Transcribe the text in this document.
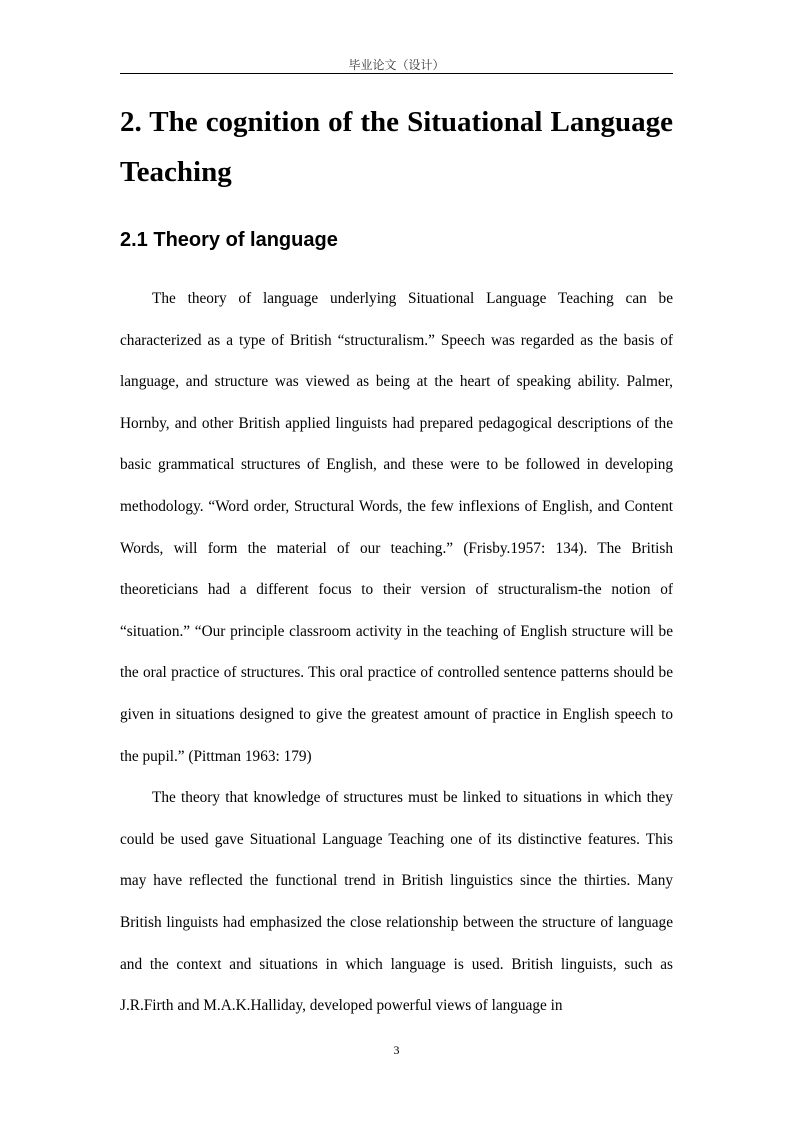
毕业论文（设计）
2. The cognition of the Situational Language Teaching
2.1 Theory of language

The theory of language underlying Situational Language Teaching can be characterized as a type of British “structuralism.” Speech was regarded as the basis of language, and structure was viewed as being at the heart of speaking ability. Palmer, Hornby, and other British applied linguists had prepared pedagogical descriptions of the basic grammatical structures of English, and these were to be followed in developing methodology. “Word order, Structural Words, the few inflexions of English, and Content Words, will form the material of our teaching.” (Frisby.1957: 134). The British theoreticians had a different focus to their version of structuralism-the notion of “situation.” “Our principle classroom activity in the teaching of English structure will be the oral practice of structures. This oral practice of controlled sentence patterns should be given in situations designed to give the greatest amount of practice in English speech to the pupil.” (Pittman 1963: 179)

The theory that knowledge of structures must be linked to situations in which they could be used gave Situational Language Teaching one of its distinctive features. This may have reflected the functional trend in British linguistics since the thirties. Many British linguists had emphasized the close relationship between the structure of language and the context and situations in which language is used. British linguists, such as J.R.Firth and M.A.K.Halliday, developed powerful views of language in

3
